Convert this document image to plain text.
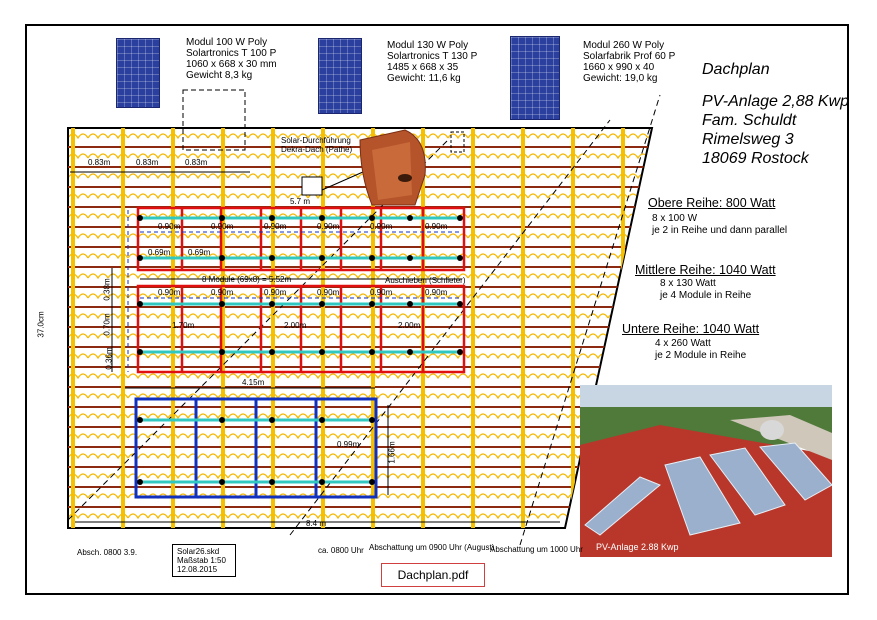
Modul 100 W Poly
Solartronics T 100 P
1060 x 668 x 30 mm
Gewicht 8,3 kg
Modul 130 W Poly
Solartronics T 130 P
1485 x 668 x 35
Gewicht: 11,6 kg
Modul 260 W Poly
Solarfabrik Prof 60 P
1660 x 990 x 40
Gewicht: 19,0 kg
Dachplan
PV-Anlage 2,88 Kwp
Fam. Schuldt
Rimelsweg 3
18069 Rostock
Solar-Durchführung
Dekra-Dach (Pathe)
0.83m	0.83m	0.83m
5.7 m
0.90m	0.90m	0.90m	0.90m	0.90m	0.90m
0.69m 0.69m
8 Module (69x8) = 5.52m	Auschieben (Schlieter)
0.90m	0.90m	0.90m	0.90m	0.90m	0.90m
1.70m	2.00m	2.00m
4.15m
0.99m	1.66m
8.4 m
0.38m
0.70m
0.36m
37.0cm
Obere Reihe: 800 Watt
8 x 100 W
je 2 in Reihe und dann parallel
Mittlere Reihe: 1040 Watt
8 x 130 Watt
je 4 Module in Reihe
Untere Reihe: 1040 Watt
4 x 260 Watt
je 2 Module in Reihe
PV-Anlage 2.88 Kwp
Absch. 0800 3.9.	Solar26.skd
Maßstab 1:50
12.08.2015
ca. 0800 Uhr Abschattung um 0900 Uhr (August)
Abschattung um 1000 Uhr
Dachplan.pdf
